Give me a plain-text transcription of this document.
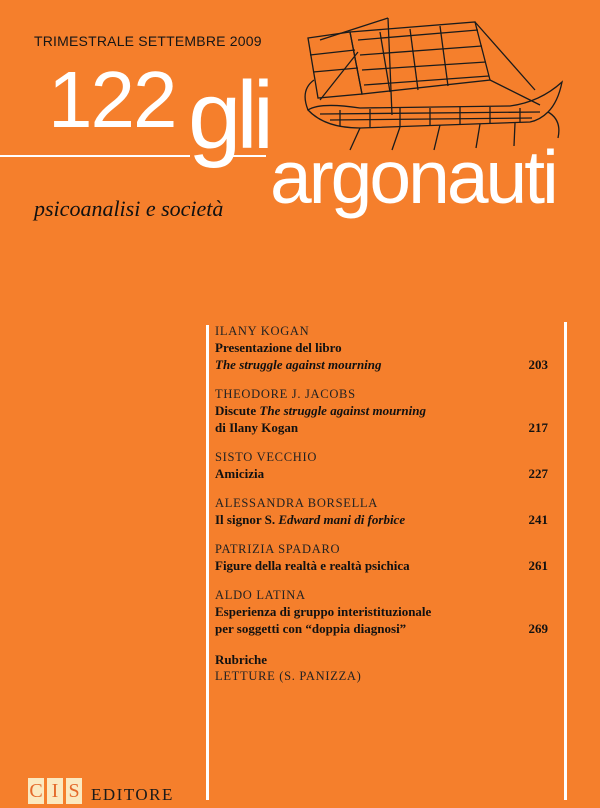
TRIMESTRALE SETTEMBRE 2009
122 gli
argonauti
psicoanalisi e società
ILANY KOGAN
Presentazione del libro
The struggle against mourning	203
THEODORE J. JACOBS
Discute The struggle against mourning
di Ilany Kogan	217
SISTO VECCHIO
Amicizia	227
ALESSANDRA BORSELLA
Il signor S. Edward mani di forbice	241
PATRIZIA SPADARO
Figure della realtà e realtà psichica	261
ALDO LATINA
Esperienza di gruppo interistituzionale
per soggetti con “doppia diagnosi”	269
Rubriche
LETTURE (S. PANIZZA)
C I S EDITORE
